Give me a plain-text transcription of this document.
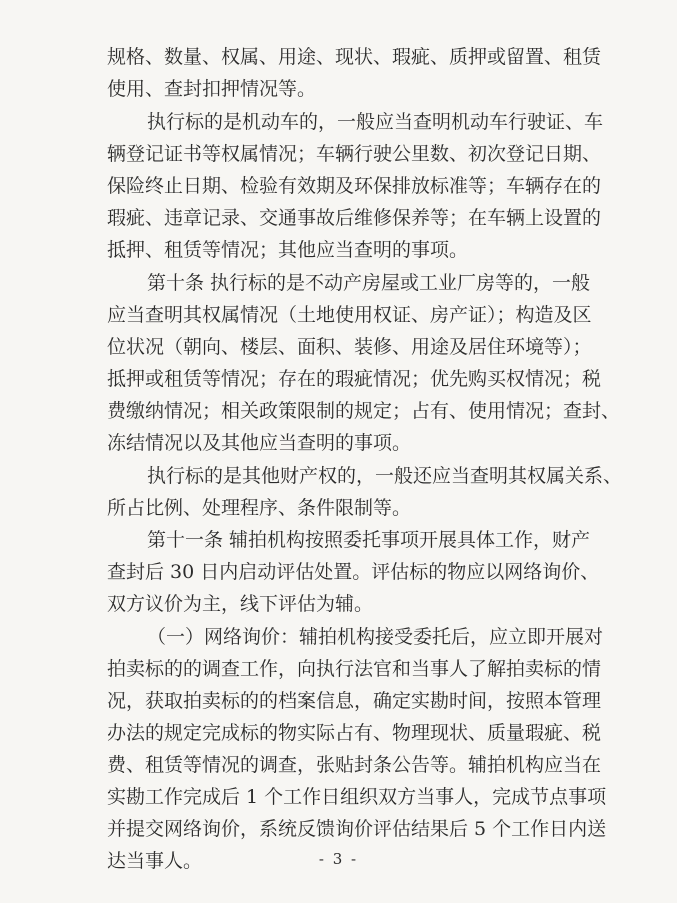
规格、数量、权属、用途、现状、瑕疵、质押或留置、租赁
使用、查封扣押情况等。
执行标的是机动车的，一般应当查明机动车行驶证、车
辆登记证书等权属情况；车辆行驶公里数、初次登记日期、
保险终止日期、检验有效期及环保排放标准等；车辆存在的
瑕疵、违章记录、交通事故后维修保养等；在车辆上设置的
抵押、租赁等情况；其他应当查明的事项。
第十条 执行标的是不动产房屋或工业厂房等的，一般
应当查明其权属情况（土地使用权证、房产证）；构造及区
位状况（朝向、楼层、面积、装修、用途及居住环境等）；
抵押或租赁等情况；存在的瑕疵情况；优先购买权情况；税
费缴纳情况；相关政策限制的规定；占有、使用情况；查封、
冻结情况以及其他应当查明的事项。
执行标的是其他财产权的，一般还应当查明其权属关系、
所占比例、处理程序、条件限制等。
第十一条 辅拍机构按照委托事项开展具体工作，财产
查封后 30 日内启动评估处置。评估标的物应以网络询价、
双方议价为主，线下评估为辅。
（一）网络询价：辅拍机构接受委托后，应立即开展对
拍卖标的的调查工作，向执行法官和当事人了解拍卖标的情
况，获取拍卖标的的档案信息，确定实勘时间，按照本管理
办法的规定完成标的物实际占有、物理现状、质量瑕疵、税
费、租赁等情况的调查，张贴封条公告等。辅拍机构应当在
实勘工作完成后 1 个工作日组织双方当事人，完成节点事项
并提交网络询价，系统反馈询价评估结果后 5 个工作日内送
达当事人。	- 3 -
